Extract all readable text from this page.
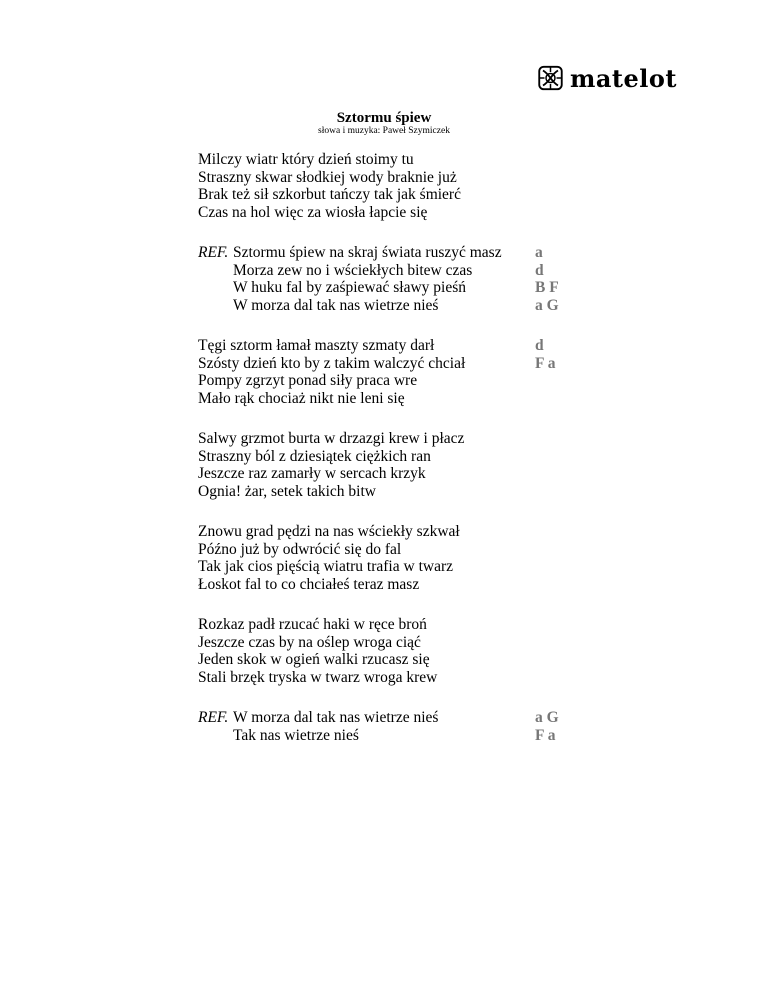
matelot
Sztormu śpiew
słowa i muzyka: Paweł Szymiczek
Milczy wiatr który dzień stoimy tu
Straszny skwar słodkiej wody braknie już
Brak też sił szkorbut tańczy tak jak śmierć
Czas na hol więc za wiosła łapcie się
REF. Sztormu śpiew na skraj świata ruszyć masz
Morza zew no i wściekłych bitew czas
W huku fal by zaśpiewać sławy pieśń
W morza dal tak nas wietrze nieś
Tęgi sztorm łamał maszty szmaty darł
Szósty dzień kto by z takim walczyć chciał
Pompy zgrzyt ponad siły praca wre
Mało rąk chociaż nikt nie leni się
Salwy grzmot burta w drzazgi krew i płacz
Straszny ból z dziesiątek ciężkich ran
Jeszcze raz zamarły w sercach krzyk
Ognia! żar, setek takich bitw
Znowu grad pędzi na nas wściekły szkwał
Późno już by odwrócić się do fal
Tak jak cios pięścią wiatru trafia w twarz
Łoskot fal to co chciałeś teraz masz
Rozkaz padł rzucać haki w ręce broń
Jeszcze czas by na oślep wroga ciąć
Jeden skok w ogień walki rzucasz się
Stali brzęk tryska w twarz wroga krew
REF. W morza dal tak nas wietrze nieś
Tak nas wietrze nieś
a
d
B F
a G
d
F a
a G
F a
